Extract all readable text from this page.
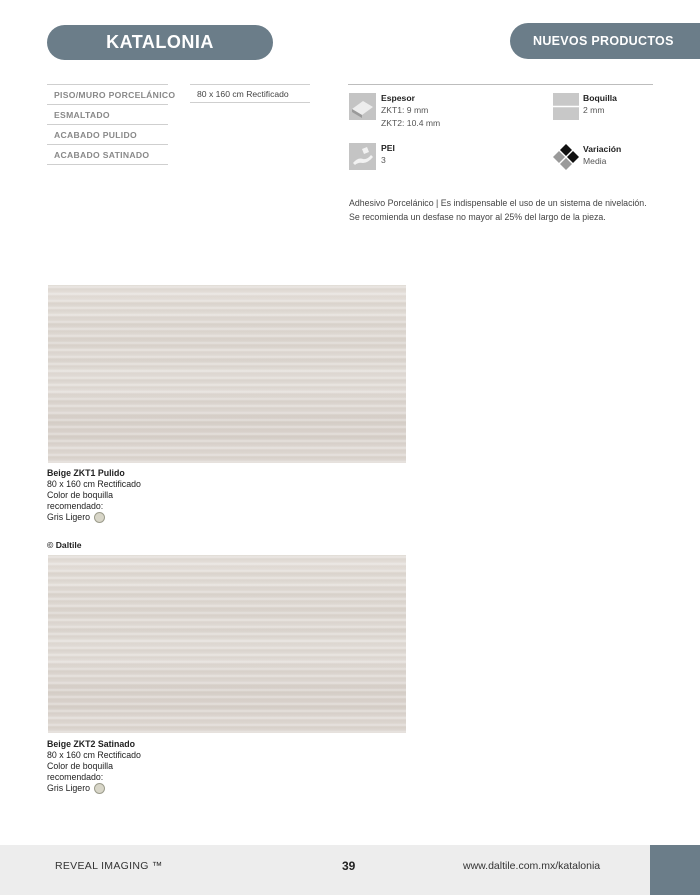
KATALONIA	NUEVOS PRODUCTOS
PISO/MURO PORCELÁNICO
ESMALTADO
ACABADO PULIDO
ACABADO SATINADO
80 x 160 cm Rectificado	Espesor
ZKT1: 9 mm
ZKT2: 10.4 mm
Boquilla
2 mm
PEI
3
Variación
Media
Adhesivo Porcelánico | Es indispensable el uso de un sistema de nivelación. Se recomienda un desfase no mayor al 25% del largo de la pieza.
Beige ZKT1 Pulido
80 x 160 cm Rectificado
Color de boquilla
recomendado:
Gris Ligero
© Daltile
Beige ZKT2 Satinado
80 x 160 cm Rectificado
Color de boquilla
recomendado:
Gris Ligero
REVEAL IMAGING ™	39	www.daltile.com.mx/katalonia
